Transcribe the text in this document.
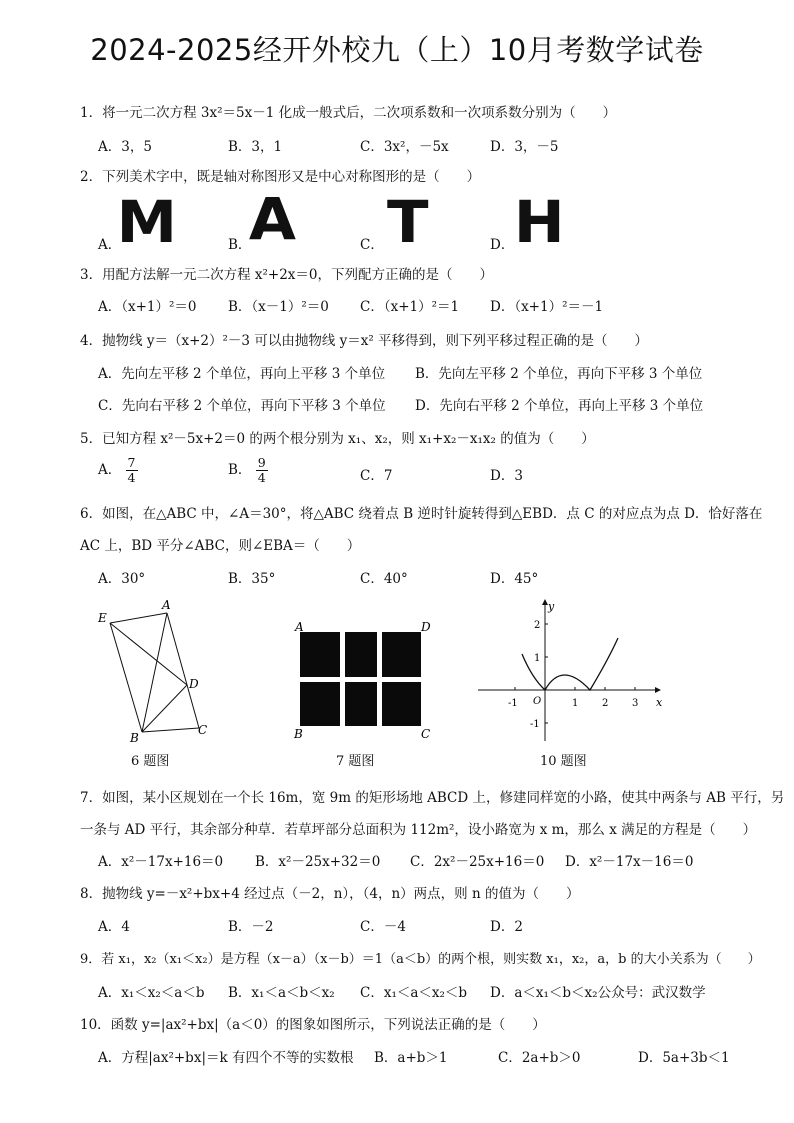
2024-2025经开外校九（上）10月考数学试卷
1．将一元二次方程 3x²＝5x－1 化成一般式后，二次项系数和一次项系数分别为（　　）
A．3，5	B．3，1	C．3x²，－5x	D．3，－5
2．下列美术字中，既是轴对称图形又是中心对称图形的是（　　）
A．
M	B．
A	C． T	D． H
3．用配方法解一元二次方程 x²+2x＝0，下列配方正确的是（　　）
A．（x+1）²＝0 B．（x－1）²＝0 C．（x+1）²＝1 D．（x+1）²＝－1
4．抛物线 y＝（x+2）²－3 可以由抛物线 y＝x² 平移得到，则下列平移过程正确的是（　　）
A．先向左平移 2 个单位，再向上平移 3 个单位 B．先向左平移 2 个单位，再向下平移 3 个单位
C．先向右平移 2 个单位，再向下平移 3 个单位 D．先向右平移 2 个单位，再向上平移 3 个单位
5．已知方程 x²－5x+2＝0 的两个根分别为 x₁、x₂，则 x₁+x₂－x₁x₂ 的值为（　　）
A． $\frac{7}{4}$	B． $\frac{9}{4}$	C．7	D．3
6．如图，在△ABC 中，∠A＝30°，将△ABC 绕着点 B 逆时针旋转得到△EBD．点 C 的对应点为点 D．恰好落在
AC 上，BD 平分∠ABC，则∠EBA＝（　　）
A．30°	B．35°	C．40°	D．45°
E
A
D
B
C
6 题图
A	D
B	C
7 题图
y
x
O
-1	1 2 3
2
1
-1
10 题图
7．如图，某小区规划在一个长 16m，宽 9m 的矩形场地 ABCD 上，修建同样宽的小路，使其中两条与 AB 平行，另
一条与 AD 平行，其余部分种草．若草坪部分总面积为 112m²，设小路宽为 x m，那么 x 满足的方程是（　　）
A．x²－17x+16＝0 B．x²－25x+32＝0 C．2x²－25x+16＝0 D．x²－17x－16＝0
8．抛物线 y=－x²+bx+4 经过点（－2，n），（4，n）两点，则 n 的值为（　　）
A．4	B．－2	C．－4	D．2
9．若 x₁，x₂（x₁＜x₂）是方程（x－a）（x－b）＝1（a＜b）的两个根，则实数 x₁，x₂，a，b 的大小关系为（　　）
A．x₁＜x₂＜a＜b B．x₁＜a＜b＜x₂ C．x₁＜a＜x₂＜b D．a＜x₁＜b＜x₂公众号：武汉数学
10．函数 y=|ax²+bx|（a＜0）的图象如图所示，下列说法正确的是（　　）
A．方程|ax²+bx|＝k 有四个不等的实数根 B．a+b＞1	C．2a+b＞0	D．5a+3b＜1
